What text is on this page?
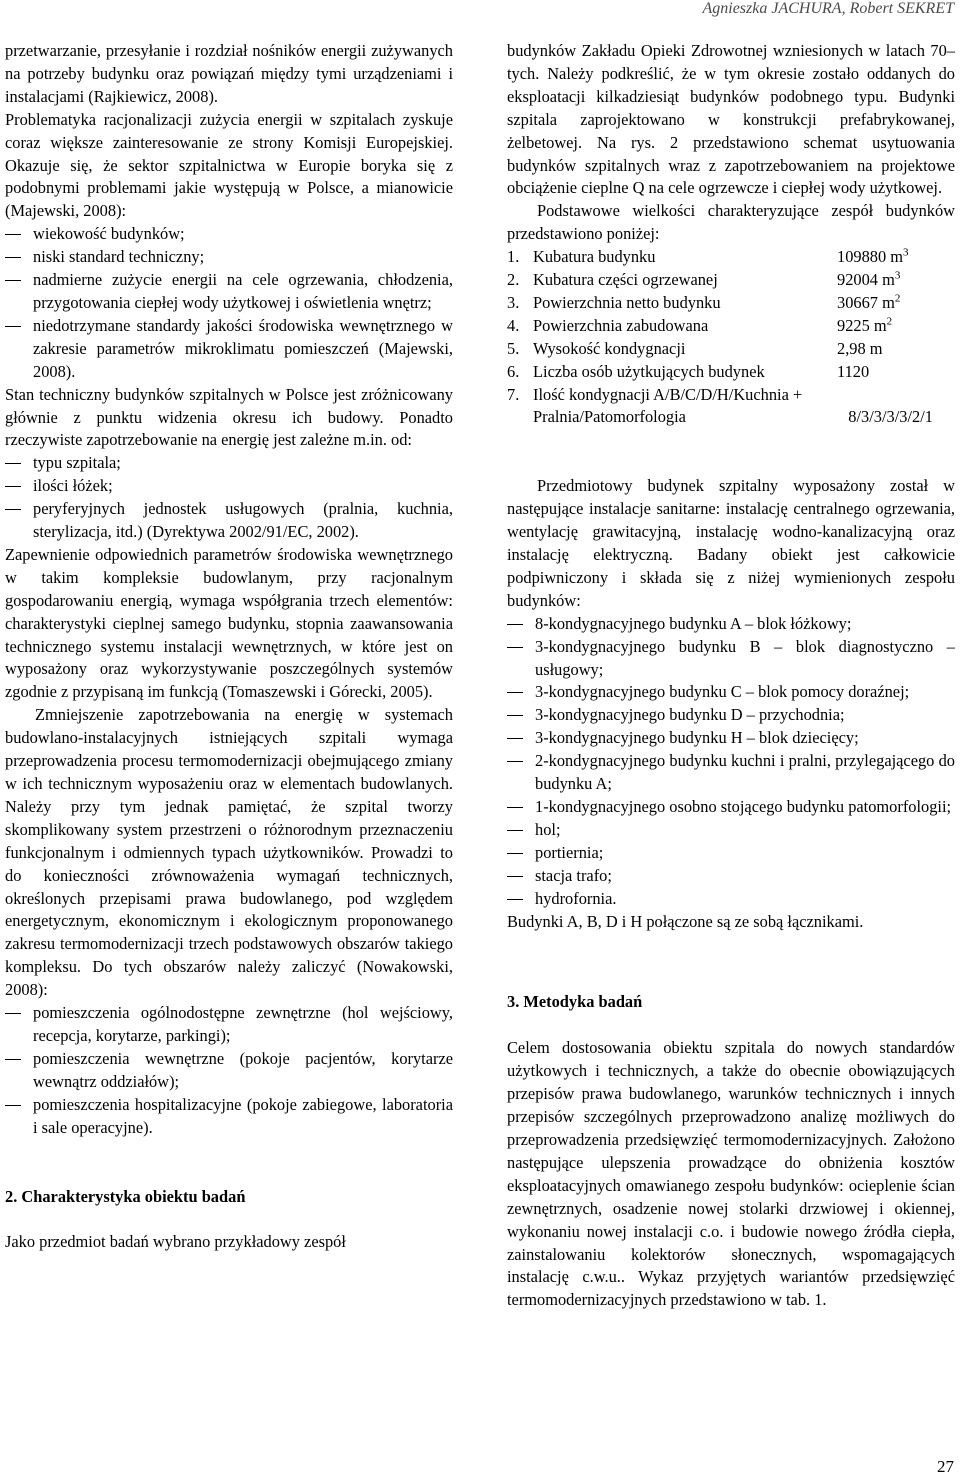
Agnieszka JACHURA, Robert SEKRET

przetwarzanie, przesyłanie i rozdział nośników energii zużywanych na potrzeby budynku oraz powiązań między tymi urządzeniami i instalacjami (Rajkiewicz, 2008).

Problematyka racjonalizacji zużycia energii w szpitalach zyskuje coraz większe zainteresowanie ze strony Komisji Europejskiej. Okazuje się, że sektor szpitalnictwa w Europie boryka się z podobnymi problemami jakie występują w Polsce, a mianowicie (Majewski, 2008):

wiekowość budynków;
niski standard techniczny;
nadmierne zużycie energii na cele ogrzewania, chłodzenia, przygotowania ciepłej wody użytkowej i oświetlenia wnętrz;
niedotrzymane standardy jakości środowiska wewnętrznego w zakresie parametrów mikroklimatu pomieszczeń (Majewski, 2008).

Stan techniczny budynków szpitalnych w Polsce jest zróżnicowany głównie z punktu widzenia okresu ich budowy. Ponadto rzeczywiste zapotrzebowanie na energię jest zależne m.in. od:

typu szpitala;
ilości łóżek;
peryferyjnych jednostek usługowych (pralnia, kuchnia, sterylizacja, itd.) (Dyrektywa 2002/91/EC, 2002).

Zapewnienie odpowiednich parametrów środowiska wewnętrznego w takim kompleksie budowlanym, przy racjonalnym gospodarowaniu energią, wymaga współgrania trzech elementów: charakterystyki cieplnej samego budynku, stopnia zaawansowania technicznego systemu instalacji wewnętrznych, w które jest on wyposażony oraz wykorzystywanie poszczególnych systemów zgodnie z przypisaną im funkcją (Tomaszewski i Górecki, 2005).

Zmniejszenie zapotrzebowania na energię w systemach budowlano-instalacyjnych istniejących szpitali wymaga przeprowadzenia procesu termomodernizacji obejmującego zmiany w ich technicznym wyposażeniu oraz w elementach budowlanych. Należy przy tym jednak pamiętać, że szpital tworzy skomplikowany system przestrzeni o różnorodnym przeznaczeniu funkcjonalnym i odmiennych typach użytkowników. Prowadzi to do konieczności zrównoważenia wymagań technicznych, określonych przepisami prawa budowlanego, pod względem energetycznym, ekonomicznym i ekologicznym proponowanego zakresu termomodernizacji trzech podstawowych obszarów takiego kompleksu. Do tych obszarów należy zaliczyć (Nowakowski, 2008):

pomieszczenia ogólnodostępne zewnętrzne (hol wejściowy, recepcja, korytarze, parkingi);
pomieszczenia wewnętrzne (pokoje pacjentów, korytarze wewnątrz oddziałów);
pomieszczenia hospitalizacyjne (pokoje zabiegowe, laboratoria i sale operacyjne).
2. Charakterystyka obiektu badań

Jako przedmiot badań wybrano przykładowy zespół

budynków Zakładu Opieki Zdrowotnej wzniesionych w latach 70–tych. Należy podkreślić, że w tym okresie zostało oddanych do eksploatacji kilkadziesiąt budynków podobnego typu. Budynki szpitala zaprojektowano w konstrukcji prefabrykowanej, żelbetowej. Na rys. 2 przedstawiono schemat usytuowania budynków szpitalnych wraz z zapotrzebowaniem na projektowe obciążenie cieplne Q na cele ogrzewcze i ciepłej wody użytkowej.

Podstawowe wielkości charakteryzujące zespół budynków przedstawiono poniżej:

1. Kubatura budynku	109880 $m^3$
2. Kubatura części ogrzewanej	92004 $m^3$
3. Powierzchnia netto budynku	30667 $m^2$
4. Powierzchnia zabudowana	9225 $m^2$
5. Wysokość kondygnacji	2,98 m
6. Liczba osób użytkujących budynek	1120
7. Ilość kondygnacji A/B/C/D/H/Kuchnia +
Pralnia/Patomorfologia	8/3/3/3/3/2/1

Przedmiotowy budynek szpitalny wyposażony został w następujące instalacje sanitarne: instalację centralnego ogrzewania, wentylację grawitacyjną, instalację wodno-kanalizacyjną oraz instalację elektryczną. Badany obiekt jest całkowicie podpiwniczony i składa się z niżej wymienionych zespołu budynków:

8-kondygnacyjnego budynku A – blok łóżkowy;
3-kondygnacyjnego budynku B – blok diagnostyczno – usługowy;
3-kondygnacyjnego budynku C – blok pomocy doraźnej;
3-kondygnacyjnego budynku D – przychodnia;
3-kondygnacyjnego budynku H – blok dziecięcy;
2-kondygnacyjnego budynku kuchni i pralni, przylegającego do budynku A;
1-kondygnacyjnego osobno stojącego budynku patomorfologii;
hol;
portiernia;
stacja trafo;
hydrofornia.

Budynki A, B, D i H połączone są ze sobą łącznikami.

3. Metodyka badań

Celem dostosowania obiektu szpitala do nowych standardów użytkowych i technicznych, a także do obecnie obowiązujących przepisów prawa budowlanego, warunków technicznych i innych przepisów szczególnych przeprowadzono analizę możliwych do przeprowadzenia przedsięwzięć termomodernizacyjnych. Założono następujące ulepszenia prowadzące do obniżenia kosztów eksploatacyjnych omawianego zespołu budynków: ocieplenie ścian zewnętrznych, osadzenie nowej stolarki drzwiowej i okiennej, wykonaniu nowej instalacji c.o. i budowie nowego źródła ciepła, zainstalowaniu kolektorów słonecznych, wspomagających instalację c.w.u.. Wykaz przyjętych wariantów przedsięwzięć termomodernizacyjnych przedstawiono w tab. 1.

27
